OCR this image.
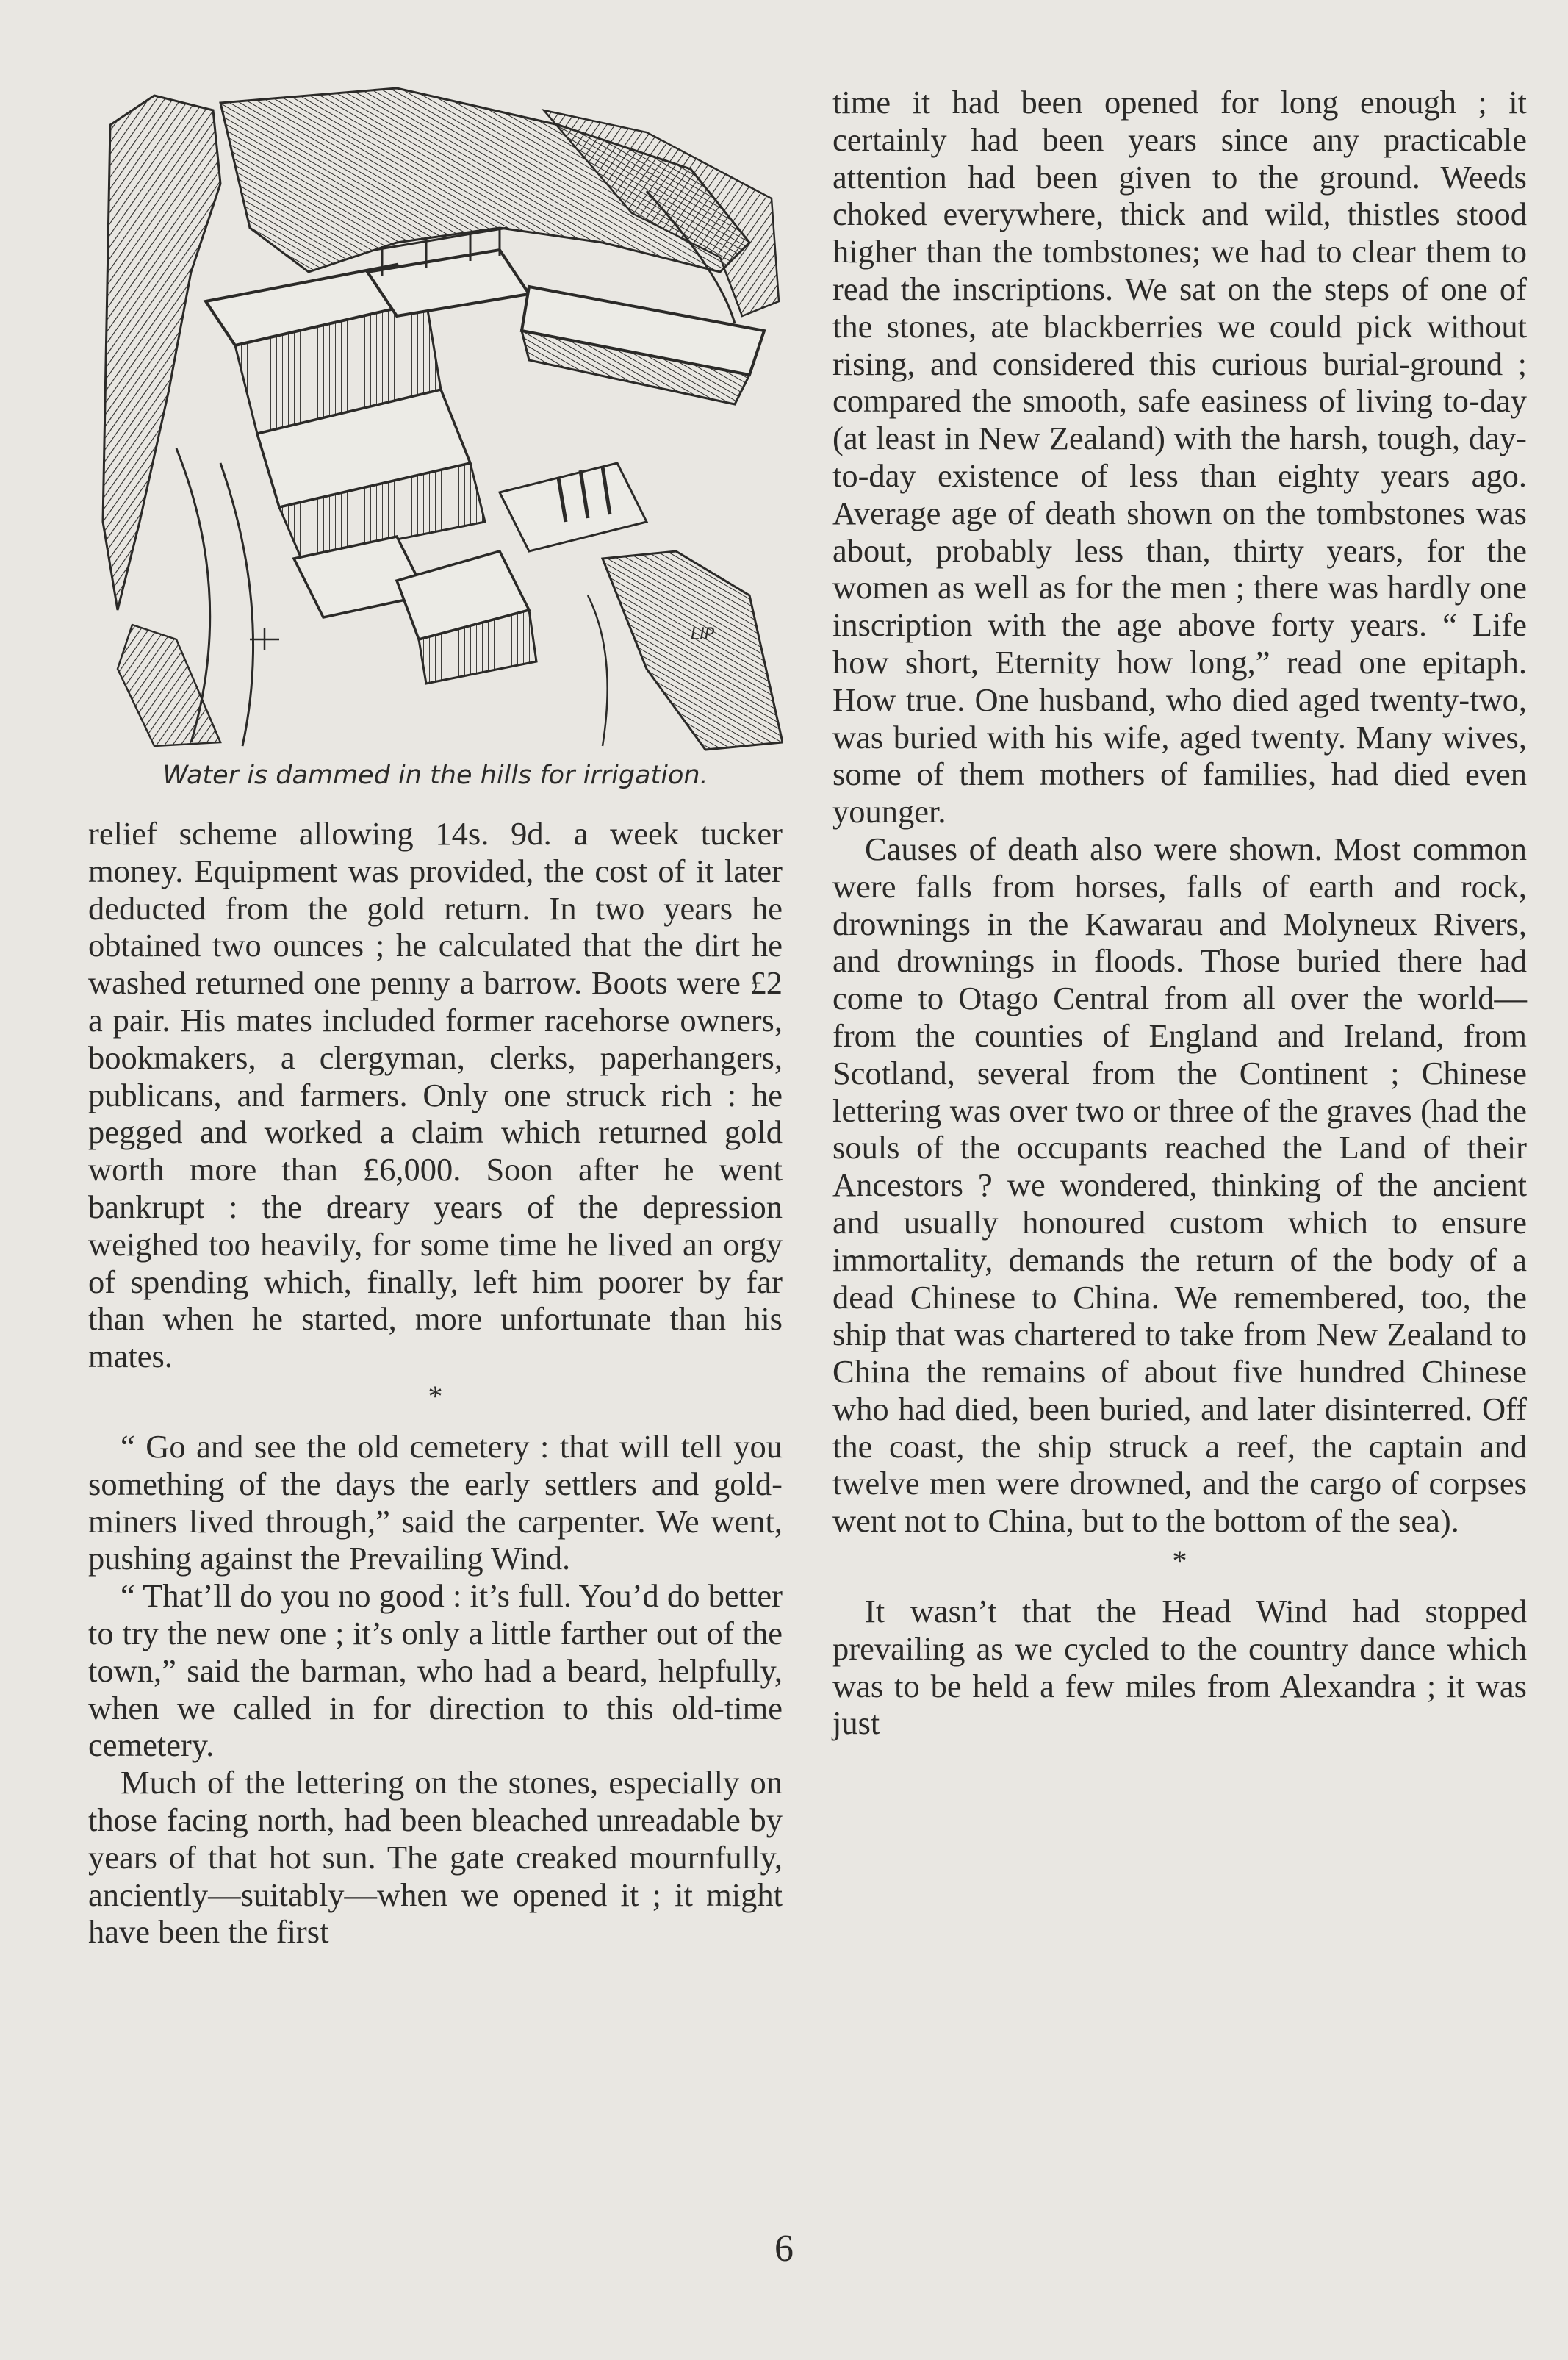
LIP
Water is dammed in the hills for irrigation.

relief scheme allowing 14s. 9d. a week tucker money. Equipment was provided, the cost of it later deducted from the gold return. In two years he obtained two ounces ; he calculated that the dirt he washed returned one penny a barrow. Boots were £2 a pair. His mates included former racehorse owners, bookmakers, a clergyman, clerks, paperhangers, publicans, and farmers. Only one struck rich : he pegged and worked a claim which returned gold worth more than £6,000. Soon after he went bankrupt : the dreary years of the depression weighed too heavily, for some time he lived an orgy of spending which, finally, left him poorer by far than when he started, more unfortunate than his mates.

*

“ Go and see the old cemetery : that will tell you something of the days the early settlers and gold-miners lived through,” said the carpenter. We went, pushing against the Prevailing Wind.

“ That’ll do you no good : it’s full. You’d do better to try the new one ; it’s only a little farther out of the town,” said the barman, who had a beard, helpfully, when we called in for direction to this old-time cemetery.

Much of the lettering on the stones, especially on those facing north, had been bleached unreadable by years of that hot sun. The gate creaked mournfully, anciently—suitably—when we opened it ; it might have been the first

time it had been opened for long enough ; it certainly had been years since any practicable attention had been given to the ground. Weeds choked everywhere, thick and wild, thistles stood higher than the tombstones; we had to clear them to read the inscriptions. We sat on the steps of one of the stones, ate blackberries we could pick without rising, and considered this curious burial-ground ; compared the smooth, safe easiness of living to-day (at least in New Zealand) with the harsh, tough, day-to-day existence of less than eighty years ago. Average age of death shown on the tombstones was about, probably less than, thirty years, for the women as well as for the men ; there was hardly one inscription with the age above forty years. “ Life how short, Eternity how long,” read one epitaph. How true. One husband, who died aged twenty-two, was buried with his wife, aged twenty. Many wives, some of them mothers of families, had died even younger.

Causes of death also were shown. Most common were falls from horses, falls of earth and rock, drownings in the Kawarau and Molyneux Rivers, and drownings in floods. Those buried there had come to Otago Central from all over the world—from the counties of England and Ireland, from Scotland, several from the Continent ; Chinese lettering was over two or three of the graves (had the souls of the occupants reached the Land of their Ancestors ? we wondered, thinking of the ancient and usually honoured custom which to ensure immortality, demands the return of the body of a dead Chinese to China. We remembered, too, the ship that was chartered to take from New Zealand to China the remains of about five hundred Chinese who had died, been buried, and later disinterred. Off the coast, the ship struck a reef, the captain and twelve men were drowned, and the cargo of corpses went not to China, but to the bottom of the sea).

*

It wasn’t that the Head Wind had stopped prevailing as we cycled to the country dance which was to be held a few miles from Alexandra ; it was just

6
